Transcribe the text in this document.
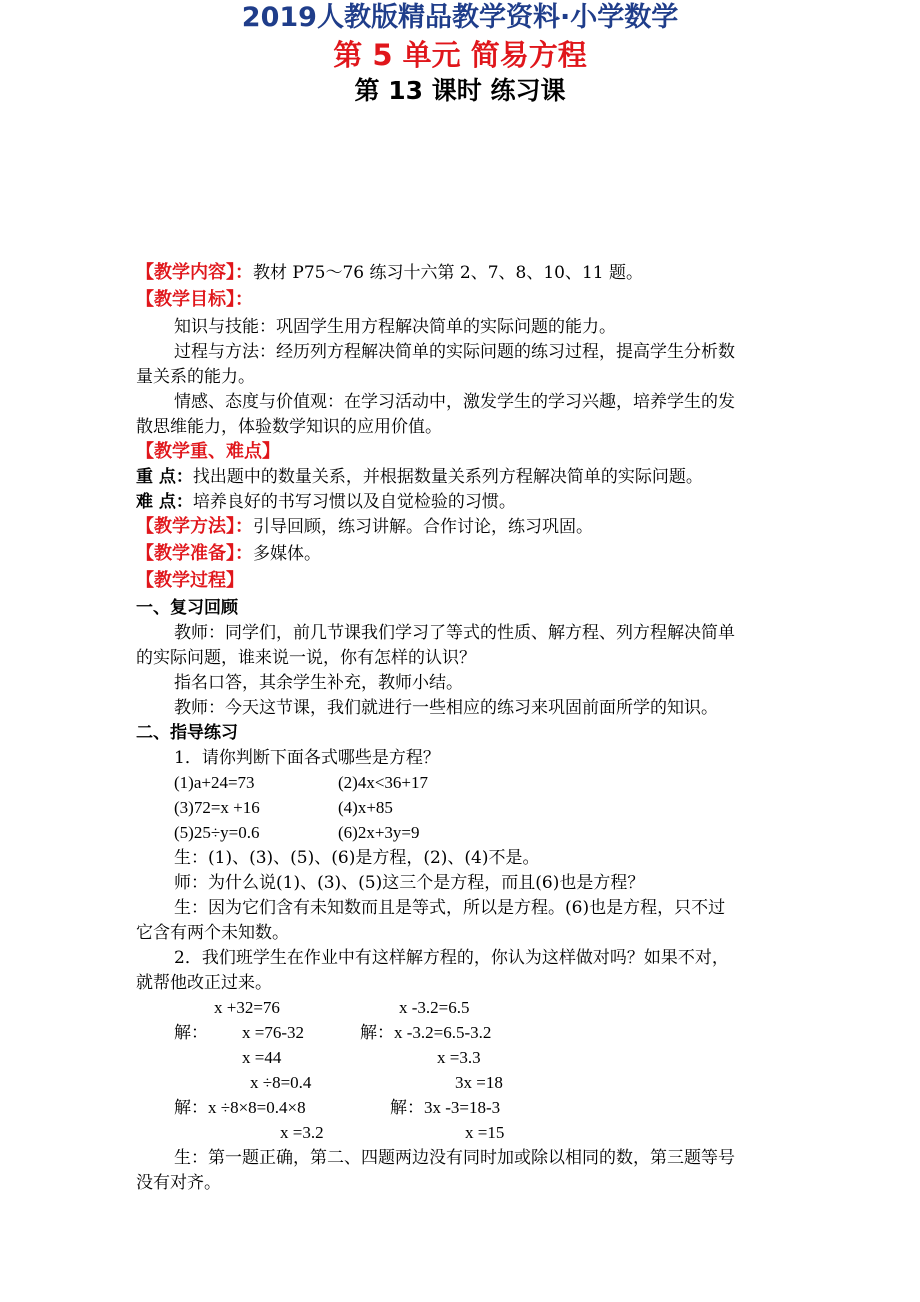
2019人教版精品教学资料·小学数学
第 5 单元 简易方程
第 13 课时 练习课
【教学内容】：教材 P75～76 练习十六第 2、7、8、10、11 题。
【教学目标】：
知识与技能：巩固学生用方程解决简单的实际问题的能力。
过程与方法：经历列方程解决简单的实际问题的练习过程，提高学生分析数
量关系的能力。
情感、态度与价值观：在学习活动中，激发学生的学习兴趣，培养学生的发
散思维能力，体验数学知识的应用价值。
【教学重、难点】
重 点：找出题中的数量关系，并根据数量关系列方程解决简单的实际问题。
难 点：培养良好的书写习惯以及自觉检验的习惯。
【教学方法】：引导回顾，练习讲解。合作讨论，练习巩固。
【教学准备】：多媒体。
【教学过程】
一、复习回顾
教师：同学们，前几节课我们学习了等式的性质、解方程、列方程解决简单
的实际问题，谁来说一说，你有怎样的认识？
指名口答，其余学生补充，教师小结。
教师：今天这节课，我们就进行一些相应的练习来巩固前面所学的知识。
二、指导练习
1．请你判断下面各式哪些是方程？
(1)a+24=73	(2)4x<36+17
(3)72=x +16	(4)x+85
(5)25÷y=0.6	(6)2x+3y=9
生：(1)、(3)、(5)、(6)是方程，(2)、(4)不是。
师：为什么说(1)、(3)、(5)这三个是方程，而且(6)也是方程？
生：因为它们含有未知数而且是等式，所以是方程。(6)也是方程，只不过
它含有两个未知数。
2．我们班学生在作业中有这样解方程的，你认为这样做对吗？如果不对，
就帮他改正过来。
x +32=76	x -3.2=6.5
解： x =76-32	解：x -3.2=6.5-3.2
x =44	x =3.3
x ÷8=0.4	3x =18
解：x ÷8×8=0.4×8	解：3x -3=18-3
x =3.2	x =15
生：第一题正确，第二、四题两边没有同时加或除以相同的数，第三题等号
没有对齐。
